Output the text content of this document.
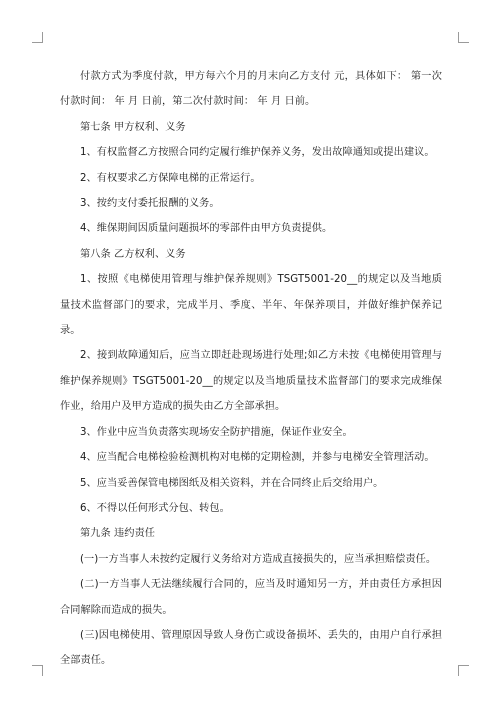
付款方式为季度付款，甲方每六个月的月末向乙方支付 元，具体如下： 第一次付款时间： 年 月 日前，第二次付款时间： 年 月 日前。

第七条 甲方权利、义务

1、有权监督乙方按照合同约定履行维护保养义务，发出故障通知或提出建议。

2、有权要求乙方保障电梯的正常运行。

3、按约支付委托报酬的义务。

4、维保期间因质量问题损坏的零部件由甲方负责提供。

第八条 乙方权利、义务

1、按照《电梯使用管理与维护保养规则》TSGT5001-20__的规定以及当地质量技术监督部门的要求，完成半月、季度、半年、年保养项目，并做好维护保养记录。

2、接到故障通知后，应当立即赶赴现场进行处理;如乙方未按《电梯使用管理与维护保养规则》TSGT5001-20__的规定以及当地质量技术监督部门的要求完成维保作业，给用户及甲方造成的损失由乙方全部承担。

3、作业中应当负责落实现场安全防护措施，保证作业安全。

4、应当配合电梯检验检测机构对电梯的定期检测，并参与电梯安全管理活动。

5、应当妥善保管电梯图纸及相关资料，并在合同终止后交给用户。

6、不得以任何形式分包、转包。

第九条 违约责任

(一)一方当事人未按约定履行义务给对方造成直接损失的，应当承担赔偿责任。

(二)一方当事人无法继续履行合同的，应当及时通知另一方，并由责任方承担因合同解除而造成的损失。

(三)因电梯使用、管理原因导致人身伤亡或设备损坏、丢失的，由用户自行承担全部责任。
